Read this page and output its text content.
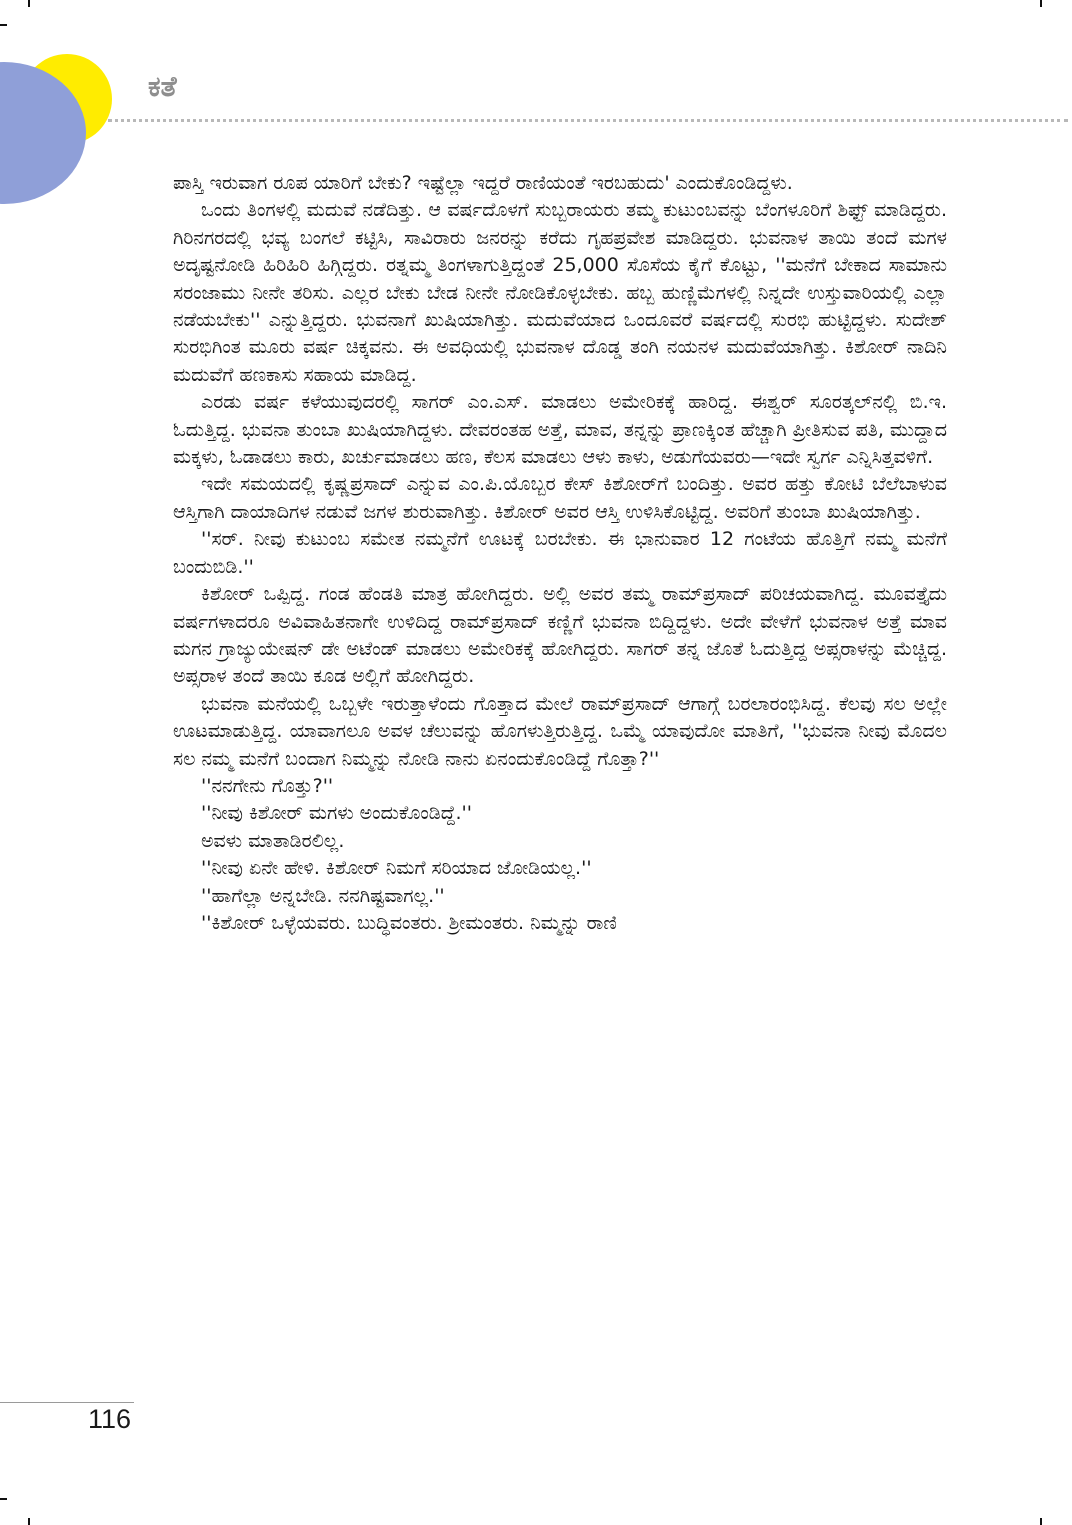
ಕತೆ

ಪಾಸ್ತಿ ಇರುವಾಗ ರೂಪ ಯಾರಿಗೆ ಬೇಕು? ಇಷ್ಟೆಲ್ಲಾ ಇದ್ದರೆ ರಾಣಿಯಂತೆ ಇರಬಹುದು' ಎಂದುಕೊಂಡಿದ್ದಳು.

ಒಂದು ತಿಂಗಳಲ್ಲಿ ಮದುವೆ ನಡೆದಿತ್ತು. ಆ ವರ್ಷದೊಳಗೆ ಸುಬ್ಬರಾಯರು ತಮ್ಮ ಕುಟುಂಬವನ್ನು ಬೆಂಗಳೂರಿಗೆ ಶಿಫ್ಟ್ ಮಾಡಿದ್ದರು. ಗಿರಿನಗರದಲ್ಲಿ ಭವ್ಯ ಬಂಗಲೆ ಕಟ್ಟಿಸಿ, ಸಾವಿರಾರು ಜನರನ್ನು ಕರೆದು ಗೃಹಪ್ರವೇಶ ಮಾಡಿದ್ದರು. ಭುವನಾಳ ತಾಯಿ ತಂದೆ ಮಗಳ ಅದೃಷ್ಟನೋಡಿ ಹಿರಿಹಿರಿ ಹಿಗ್ಗಿದ್ದರು. ರತ್ನಮ್ಮ ತಿಂಗಳಾಗುತ್ತಿದ್ದಂತೆ 25,000 ಸೊಸೆಯ ಕೈಗೆ ಕೊಟ್ಟು, ''ಮನೆಗೆ ಬೇಕಾದ ಸಾಮಾನು ಸರಂಜಾಮು ನೀನೇ ತರಿಸು. ಎಲ್ಲರ ಬೇಕು ಬೇಡ ನೀನೇ ನೋಡಿಕೊಳ್ಳಬೇಕು. ಹಬ್ಬ ಹುಣ್ಣಿಮೆಗಳಲ್ಲಿ ನಿನ್ನದೇ ಉಸ್ತುವಾರಿಯಲ್ಲಿ ಎಲ್ಲಾ ನಡೆಯಬೇಕು'' ಎನ್ನುತ್ತಿದ್ದರು. ಭುವನಾಗೆ ಖುಷಿಯಾಗಿತ್ತು. ಮದುವೆಯಾದ ಒಂದೂವರೆ ವರ್ಷದಲ್ಲಿ ಸುರಭಿ ಹುಟ್ಟಿದ್ದಳು. ಸುದೇಶ್ ಸುರಭಿಗಿಂತ ಮೂರು ವರ್ಷ ಚಿಕ್ಕವನು. ಈ ಅವಧಿಯಲ್ಲಿ ಭುವನಾಳ ದೊಡ್ಡ ತಂಗಿ ನಯನಳ ಮದುವೆಯಾಗಿತ್ತು. ಕಿಶೋರ್ ನಾದಿನಿ ಮದುವೆಗೆ ಹಣಕಾಸು ಸಹಾಯ ಮಾಡಿದ್ದ.

ಎರಡು ವರ್ಷ ಕಳೆಯುವುದರಲ್ಲಿ ಸಾಗರ್ ಎಂ.ಎಸ್. ಮಾಡಲು ಅಮೇರಿಕಕ್ಕೆ ಹಾರಿದ್ದ. ಈಶ್ವರ್ ಸೂರತ್ಕಲ್‌ನಲ್ಲಿ ಬಿ.ಇ. ಓದುತ್ತಿದ್ದ. ಭುವನಾ ತುಂಬಾ ಖುಷಿಯಾಗಿದ್ದಳು. ದೇವರಂತಹ ಅತ್ತೆ, ಮಾವ, ತನ್ನನ್ನು ಪ್ರಾಣಕ್ಕಿಂತ ಹೆಚ್ಚಾಗಿ ಪ್ರೀತಿಸುವ ಪತಿ, ಮುದ್ದಾದ ಮಕ್ಕಳು, ಓಡಾಡಲು ಕಾರು, ಖರ್ಚುಮಾಡಲು ಹಣ, ಕೆಲಸ ಮಾಡಲು ಆಳು ಕಾಳು, ಅಡುಗೆಯವರು—ಇದೇ ಸ್ವರ್ಗ ಎನ್ನಿಸಿತ್ತವಳಿಗೆ.

ಇದೇ ಸಮಯದಲ್ಲಿ ಕೃಷ್ಣಪ್ರಸಾದ್ ಎನ್ನುವ ಎಂ.ಪಿ.ಯೊಬ್ಬರ ಕೇಸ್ ಕಿಶೋರ್‌ಗೆ ಬಂದಿತ್ತು. ಅವರ ಹತ್ತು ಕೋಟಿ ಬೆಲೆಬಾಳುವ ಆಸ್ತಿಗಾಗಿ ದಾಯಾದಿಗಳ ನಡುವೆ ಜಗಳ ಶುರುವಾಗಿತ್ತು. ಕಿಶೋರ್ ಅವರ ಆಸ್ತಿ ಉಳಿಸಿಕೊಟ್ಟಿದ್ದ. ಅವರಿಗೆ ತುಂಬಾ ಖುಷಿಯಾಗಿತ್ತು.

''ಸರ್. ನೀವು ಕುಟುಂಬ ಸಮೇತ ನಮ್ಮನೆಗೆ ಊಟಕ್ಕೆ ಬರಬೇಕು. ಈ ಭಾನುವಾರ 12 ಗಂಟೆಯ ಹೊತ್ತಿಗೆ ನಮ್ಮ ಮನೆಗೆ ಬಂದುಬಿಡಿ.''

ಕಿಶೋರ್ ಒಪ್ಪಿದ್ದ. ಗಂಡ ಹೆಂಡತಿ ಮಾತ್ರ ಹೋಗಿದ್ದರು. ಅಲ್ಲಿ ಅವರ ತಮ್ಮ ರಾಮ್‌ಪ್ರಸಾದ್ ಪರಿಚಯವಾಗಿದ್ದ. ಮೂವತ್ತೈದು ವರ್ಷಗಳಾದರೂ ಅವಿವಾಹಿತನಾಗೇ ಉಳಿದಿದ್ದ ರಾಮ್‌ಪ್ರಸಾದ್ ಕಣ್ಣಿಗೆ ಭುವನಾ ಬಿದ್ದಿದ್ದಳು. ಅದೇ ವೇಳೆಗೆ ಭುವನಾಳ ಅತ್ತೆ ಮಾವ ಮಗನ ಗ್ರಾಜ್ಯುಯೇಷನ್ ಡೇ ಅಟೆಂಡ್ ಮಾಡಲು ಅಮೇರಿಕಕ್ಕೆ ಹೋಗಿದ್ದರು. ಸಾಗರ್ ತನ್ನ ಜೊತೆ ಓದುತ್ತಿದ್ದ ಅಪ್ಸರಾಳನ್ನು ಮೆಚ್ಚಿದ್ದ. ಅಪ್ಸರಾಳ ತಂದೆ ತಾಯಿ ಕೂಡ ಅಲ್ಲಿಗೆ ಹೋಗಿದ್ದರು.

ಭುವನಾ ಮನೆಯಲ್ಲಿ ಒಬ್ಬಳೇ ಇರುತ್ತಾಳೆಂದು ಗೊತ್ತಾದ ಮೇಲೆ ರಾಮ್‌ಪ್ರಸಾದ್ ಆಗಾಗ್ಗೆ ಬರಲಾರಂಭಿಸಿದ್ದ. ಕೆಲವು ಸಲ ಅಲ್ಲೇ ಊಟಮಾಡುತ್ತಿದ್ದ. ಯಾವಾಗಲೂ ಅವಳ ಚೆಲುವನ್ನು ಹೊಗಳುತ್ತಿರುತ್ತಿದ್ದ. ಒಮ್ಮೆ ಯಾವುದೋ ಮಾತಿಗೆ, ''ಭುವನಾ ನೀವು ಮೊದಲ ಸಲ ನಮ್ಮ ಮನೆಗೆ ಬಂದಾಗ ನಿಮ್ಮನ್ನು ನೋಡಿ ನಾನು ಏನಂದುಕೊಂಡಿದ್ದೆ ಗೊತ್ತಾ?''

''ನನಗೇನು ಗೊತ್ತು?''

''ನೀವು ಕಿಶೋರ್ ಮಗಳು ಅಂದುಕೊಂಡಿದ್ದೆ.''

ಅವಳು ಮಾತಾಡಿರಲಿಲ್ಲ.

''ನೀವು ಏನೇ ಹೇಳಿ. ಕಿಶೋರ್ ನಿಮಗೆ ಸರಿಯಾದ ಜೋಡಿಯಲ್ಲ.''

''ಹಾಗೆಲ್ಲಾ ಅನ್ನಬೇಡಿ. ನನಗಿಷ್ಟವಾಗಲ್ಲ.''

''ಕಿಶೋರ್ ಒಳ್ಳೆಯವರು. ಬುದ್ಧಿವಂತರು. ಶ್ರೀಮಂತರು. ನಿಮ್ಮನ್ನು ರಾಣಿ

116
